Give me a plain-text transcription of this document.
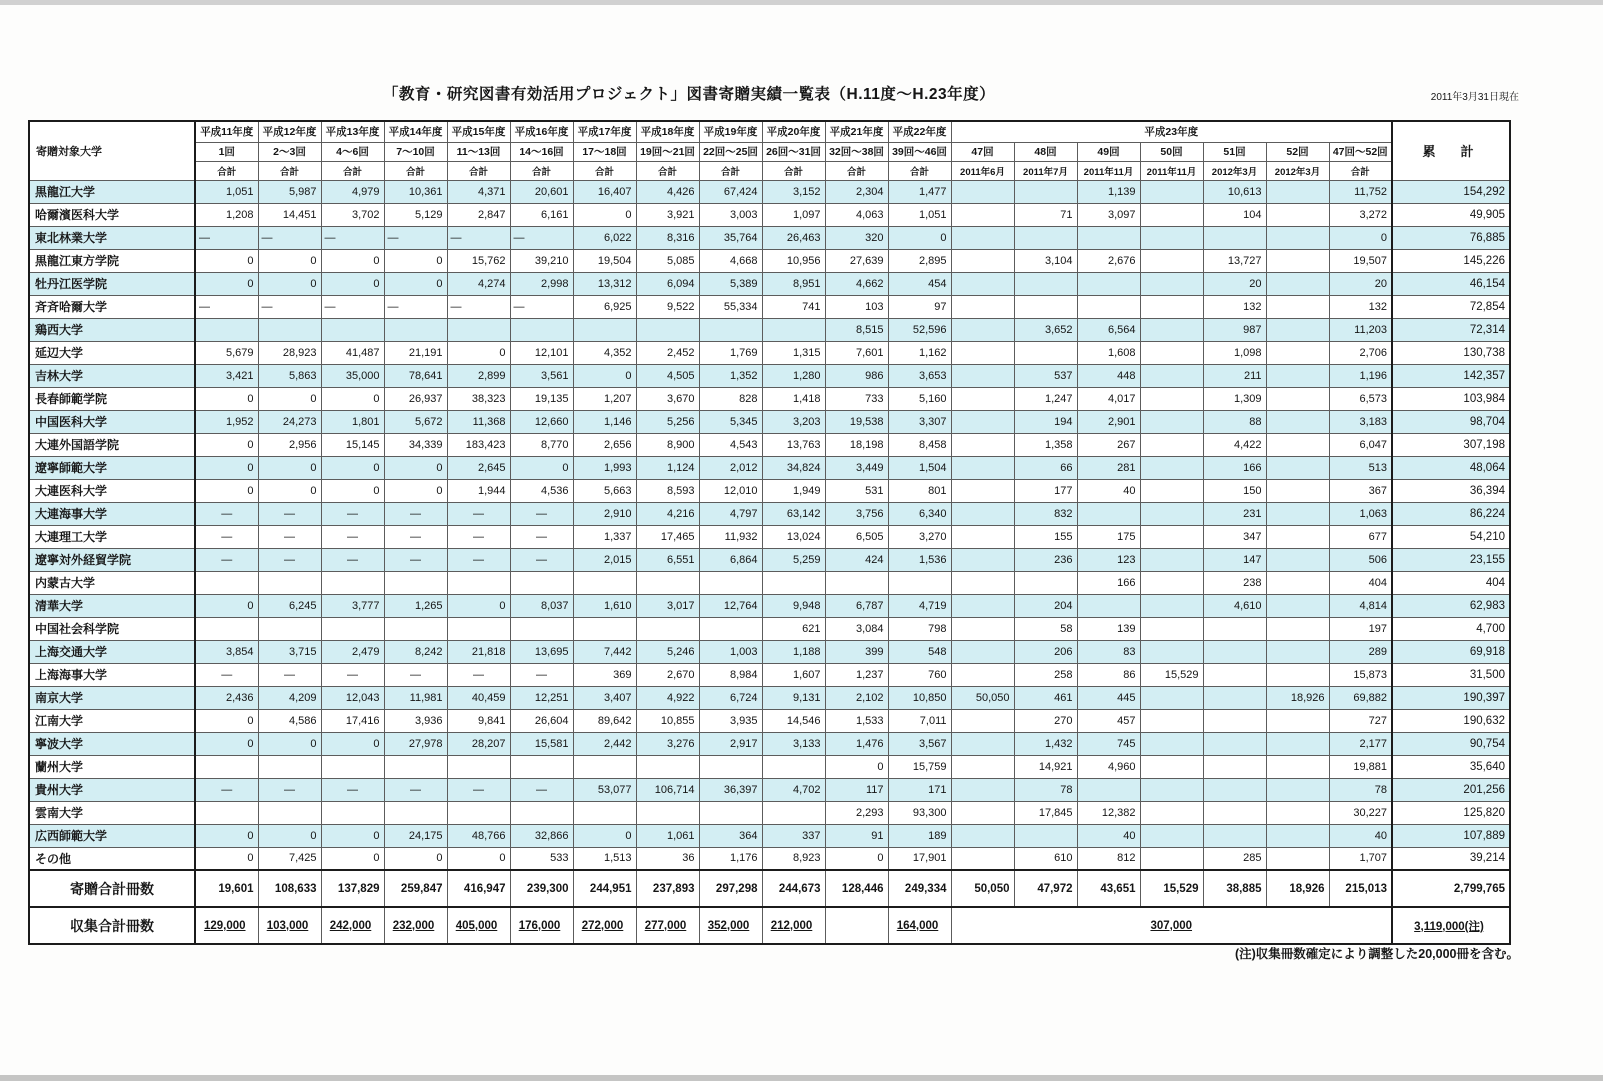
「教育・研究図書有効活用プロジェクト」図書寄贈実績一覧表（H.11度～H.23年度）	2011年3月31日現在
寄贈対象大学	平成11年度	平成12年度	平成13年度	平成14年度	平成15年度	平成16年度	平成17年度	平成18年度	平成19年度	平成20年度	平成21年度	平成22年度	平成23年度							累　計
	1回	2～3回	4～6回	7～10回	11～13回	14～16回	17～18回	19回～21回	22回～25回	26回～31回	32回～38回	39回～46回	47回	48回	49回	50回	51回	52回	47回～52回	
	合計	合計	合計	合計	合計	合計	合計	合計	合計	合計	合計	合計	2011年6月	2011年7月	2011年11月	2011年11月	2012年3月	2012年3月	合計	
黒龍江大学	1,051	5,987	4,979	10,361	4,371	20,601	16,407	4,426	67,424	3,152	2,304	1,477			1,139		10,613		11,752	154,292
哈爾濱医科大学	1,208	14,451	3,702	5,129	2,847	6,161	0	3,921	3,003	1,097	4,063	1,051		71	3,097		104		3,272	49,905
東北林業大学	—	—	—	—	—	—	6,022	8,316	35,764	26,463	320	0							0	76,885
黒龍江東方学院	0	0	0	0	15,762	39,210	19,504	5,085	4,668	10,956	27,639	2,895		3,104	2,676		13,727		19,507	145,226
牡丹江医学院	0	0	0	0	4,274	2,998	13,312	6,094	5,389	8,951	4,662	454					20		20	46,154
斉斉哈爾大学	—	—	—	—	—	—	6,925	9,522	55,334	741	103	97					132		132	72,854
鶏西大学											8,515	52,596		3,652	6,564		987		11,203	72,314
延辺大学	5,679	28,923	41,487	21,191	0	12,101	4,352	2,452	1,769	1,315	7,601	1,162			1,608		1,098		2,706	130,738
吉林大学	3,421	5,863	35,000	78,641	2,899	3,561	0	4,505	1,352	1,280	986	3,653		537	448		211		1,196	142,357
長春師範学院	0	0	0	26,937	38,323	19,135	1,207	3,670	828	1,418	733	5,160		1,247	4,017		1,309		6,573	103,984
中国医科大学	1,952	24,273	1,801	5,672	11,368	12,660	1,146	5,256	5,345	3,203	19,538	3,307		194	2,901		88		3,183	98,704
大連外国語学院	0	2,956	15,145	34,339	183,423	8,770	2,656	8,900	4,543	13,763	18,198	8,458		1,358	267		4,422		6,047	307,198
遼寧師範大学	0	0	0	0	2,645	0	1,993	1,124	2,012	34,824	3,449	1,504		66	281		166		513	48,064
大連医科大学	0	0	0	0	1,944	4,536	5,663	8,593	12,010	1,949	531	801		177	40		150		367	36,394
大連海事大学	—	—	—	—	—	—	2,910	4,216	4,797	63,142	3,756	6,340		832			231		1,063	86,224
大連理工大学	—	—	—	—	—	—	1,337	17,465	11,932	13,024	6,505	3,270		155	175		347		677	54,210
遼寧対外経貿学院	—	—	—	—	—	—	2,015	6,551	6,864	5,259	424	1,536		236	123		147		506	23,155
内蒙古大学															166		238		404	404
清華大学	0	6,245	3,777	1,265	0	8,037	1,610	3,017	12,764	9,948	6,787	4,719		204			4,610		4,814	62,983
中国社会科学院										621	3,084	798		58	139				197	4,700
上海交通大学	3,854	3,715	2,479	8,242	21,818	13,695	7,442	5,246	1,003	1,188	399	548		206	83				289	69,918
上海海事大学	—	—	—	—	—	—	369	2,670	8,984	1,607	1,237	760		258	86	15,529			15,873	31,500
南京大学	2,436	4,209	12,043	11,981	40,459	12,251	3,407	4,922	6,724	9,131	2,102	10,850	50,050	461	445			18,926	69,882	190,397
江南大学	0	4,586	17,416	3,936	9,841	26,604	89,642	10,855	3,935	14,546	1,533	7,011		270	457				727	190,632
寧波大学	0	0	0	27,978	28,207	15,581	2,442	3,276	2,917	3,133	1,476	3,567		1,432	745				2,177	90,754
蘭州大学											0	15,759		14,921	4,960				19,881	35,640
貴州大学	—	—	—	—	—	—	53,077	106,714	36,397	4,702	117	171		78					78	201,256
雲南大学											2,293	93,300		17,845	12,382				30,227	125,820
広西師範大学	0	0	0	24,175	48,766	32,866	0	1,061	364	337	91	189			40				40	107,889
その他	0	7,425	0	0	0	533	1,513	36	1,176	8,923	0	17,901		610	812		285		1,707	39,214
寄贈合計冊数	19,601	108,633	137,829	259,847	416,947	239,300	244,951	237,893	297,298	244,673	128,446	249,334	50,050	47,972	43,651	15,529	38,885	18,926	215,013	2,799,765
収集合計冊数	129,000	103,000	242,000	232,000	405,000	176,000	272,000	277,000	352,000	212,000		164,000	307,000							3,119,000(注)
(注)収集冊数確定により調整した20,000冊を含む。
